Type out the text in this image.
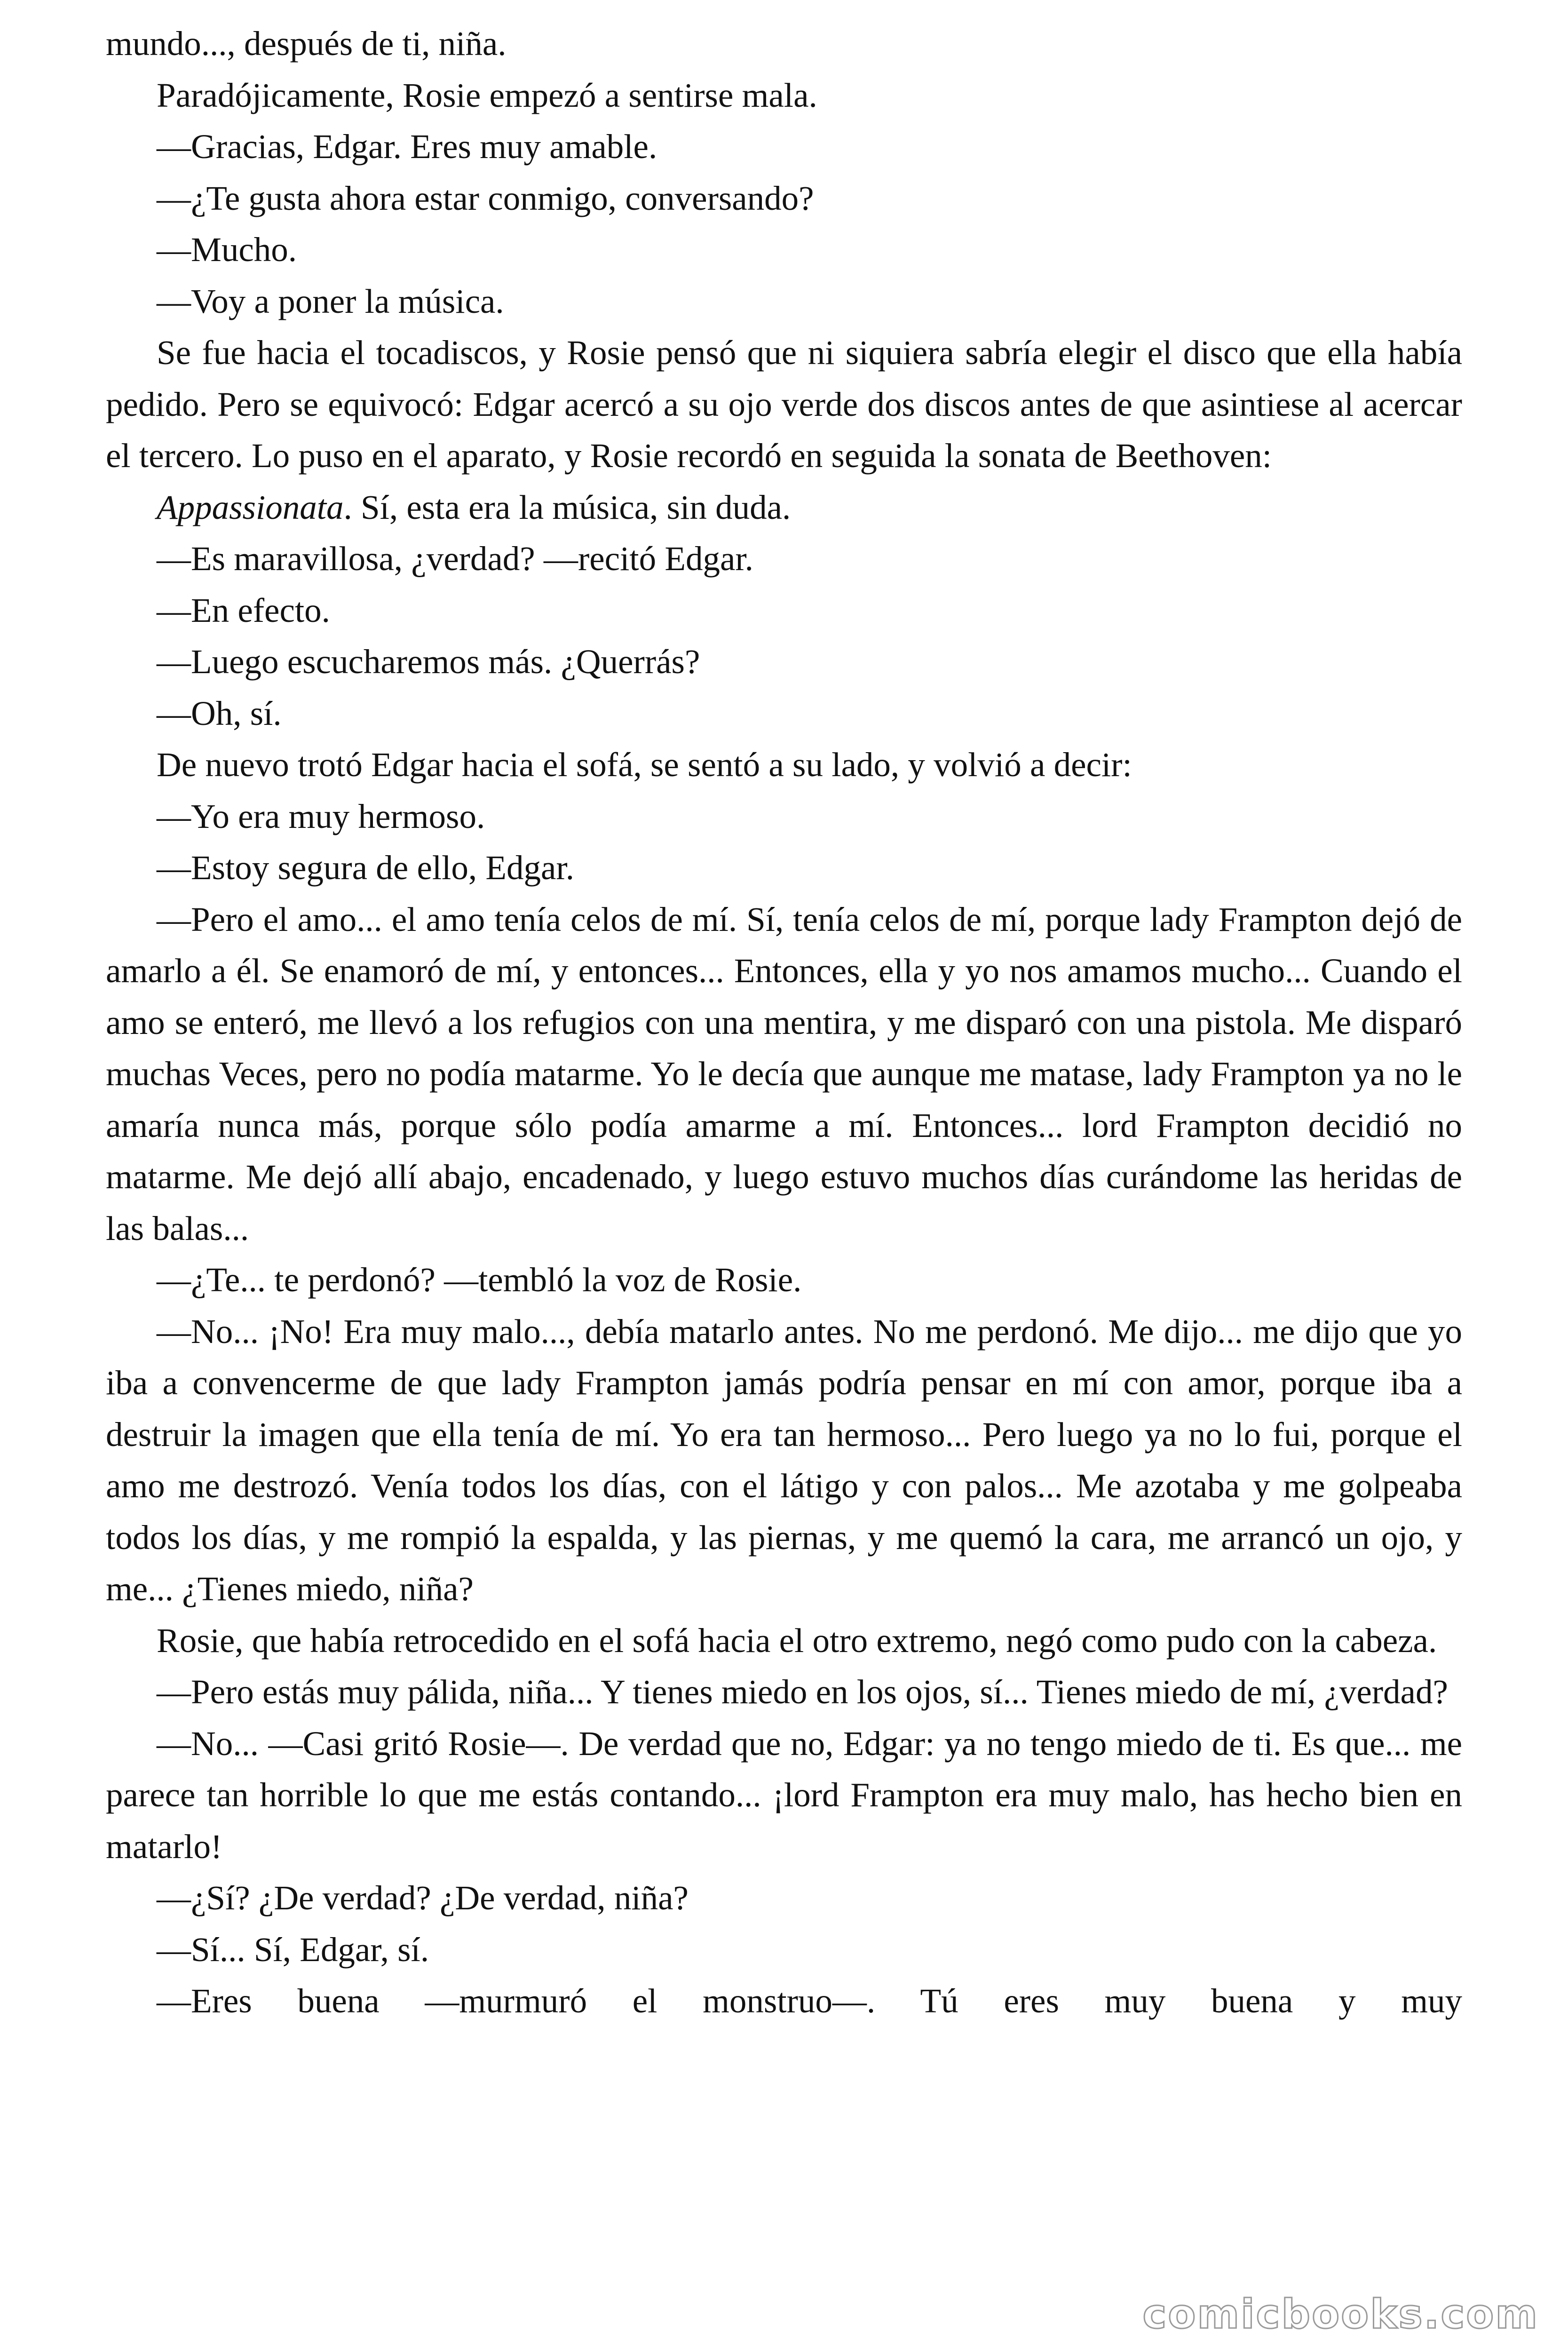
mundo..., después de ti, niña.

Paradójicamente, Rosie empezó a sentirse mala.

—Gracias, Edgar. Eres muy amable.

—¿Te gusta ahora estar conmigo, conversando?

—Mucho.

—Voy a poner la música.

Se fue hacia el tocadiscos, y Rosie pensó que ni siquiera sabría elegir el disco que ella había pedido. Pero se equivocó: Edgar acercó a su ojo verde dos discos antes de que asintiese al acercar el tercero. Lo puso en el aparato, y Rosie recordó en seguida la sonata de Beethoven:

Appassionata. Sí, esta era la música, sin duda.

—Es maravillosa, ¿verdad? —recitó Edgar.

—En efecto.

—Luego escucharemos más. ¿Querrás?

—Oh, sí.

De nuevo trotó Edgar hacia el sofá, se sentó a su lado, y volvió a decir:

—Yo era muy hermoso.

—Estoy segura de ello, Edgar.

—Pero el amo... el amo tenía celos de mí. Sí, tenía celos de mí, porque lady Frampton dejó de amarlo a él. Se enamoró de mí, y entonces... Entonces, ella y yo nos amamos mucho... Cuando el amo se enteró, me llevó a los refugios con una mentira, y me disparó con una pistola. Me disparó muchas Veces, pero no podía matarme. Yo le decía que aunque me matase, lady Frampton ya no le amaría nunca más, porque sólo podía amarme a mí. Entonces... lord Frampton decidió no matarme. Me dejó allí abajo, encadenado, y luego estuvo muchos días curándome las heridas de las balas...

—¿Te... te perdonó? —tembló la voz de Rosie.

—No... ¡No! Era muy malo..., debía matarlo antes. No me perdonó. Me dijo... me dijo que yo iba a convencerme de que lady Frampton jamás podría pensar en mí con amor, porque iba a destruir la imagen que ella tenía de mí. Yo era tan hermoso... Pero luego ya no lo fui, porque el amo me destrozó. Venía todos los días, con el látigo y con palos... Me azotaba y me golpeaba todos los días, y me rompió la espalda, y las piernas, y me quemó la cara, me arrancó un ojo, y me... ¿Tienes miedo, niña?

Rosie, que había retrocedido en el sofá hacia el otro extremo, negó como pudo con la cabeza.

—Pero estás muy pálida, niña... Y tienes miedo en los ojos, sí... Tienes miedo de mí, ¿verdad?

—No... —Casi gritó Rosie—. De verdad que no, Edgar: ya no tengo miedo de ti. Es que... me parece tan horrible lo que me estás contando... ¡lord Frampton era muy malo, has hecho bien en matarlo!

—¿Sí? ¿De verdad? ¿De verdad, niña?

—Sí... Sí, Edgar, sí.

—Eres buena —murmuró el monstruo—. Tú eres muy buena y muy

comicbooks.com
